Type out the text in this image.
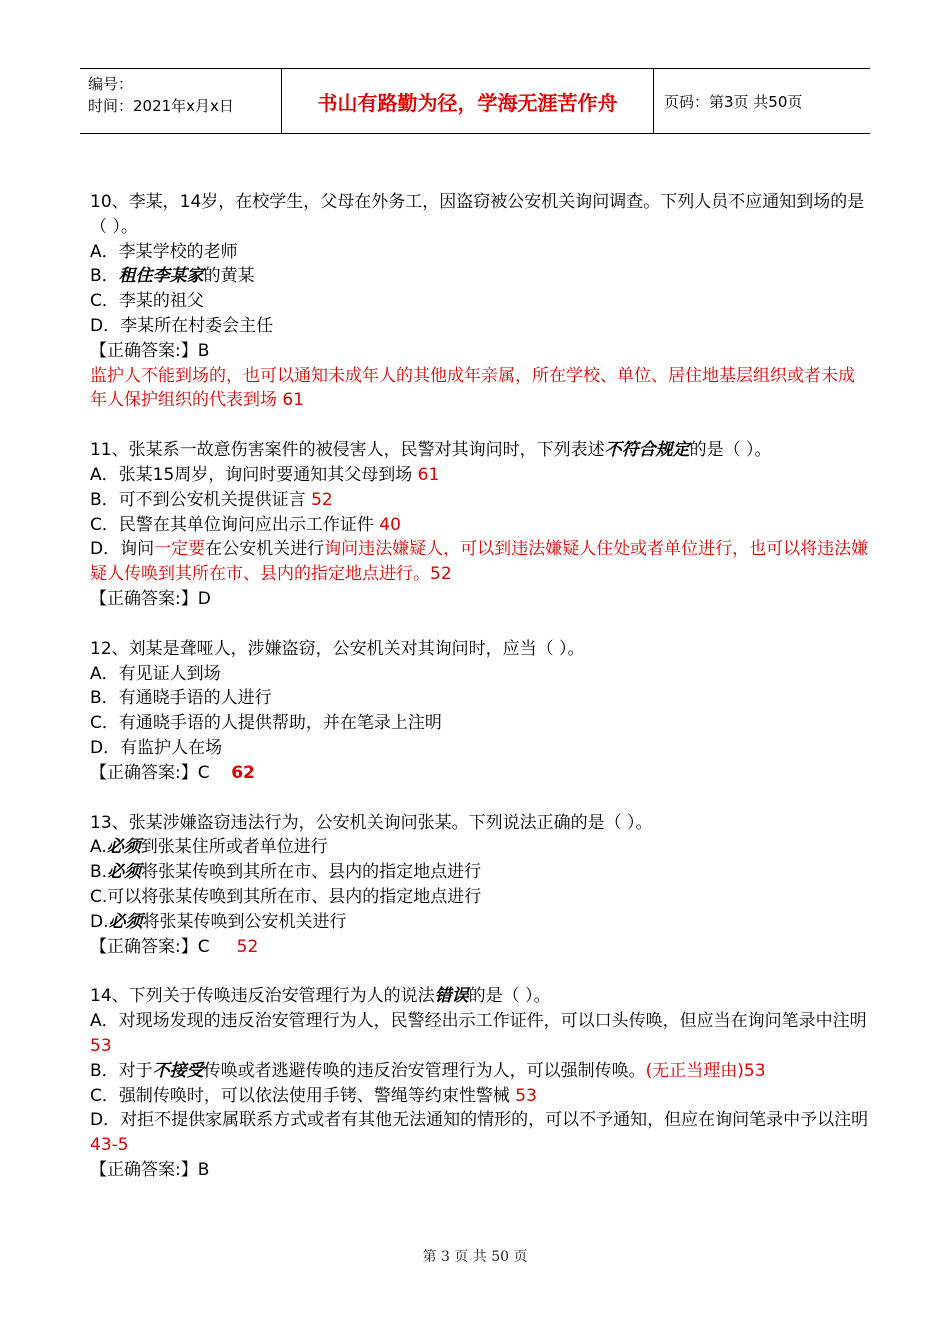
编号：
时间：2021年x月x日	书山有路勤为径，学海无涯苦作舟	页码：第3页 共50页

10、李某，14岁，在校学生，父母在外务工，因盗窃被公安机关询问调查。下列人员不应通知到场的是（ ）。

A．李某学校的老师

B．租住李某家的黄某

C．李某的祖父

D．李某所在村委会主任

【正确答案:】B

监护人不能到场的，也可以通知未成年人的其他成年亲属，所在学校、单位、居住地基层组织或者未成年人保护组织的代表到场 61

11、张某系一故意伤害案件的被侵害人，民警对其询问时，下列表述不符合规定的是（ ）。

A．张某15周岁，询问时要通知其父母到场 61

B．可不到公安机关提供证言 52

C．民警在其单位询问应出示工作证件 40

D．询问一定要在公安机关进行询问违法嫌疑人，可以到违法嫌疑人住处或者单位进行，也可以将违法嫌疑人传唤到其所在市、县内的指定地点进行。52

【正确答案:】D

12、刘某是聋哑人，涉嫌盗窃，公安机关对其询问时，应当（ ）。

A．有见证人到场

B．有通晓手语的人进行

C．有通晓手语的人提供帮助，并在笔录上注明

D．有监护人在场

【正确答案:】C    62

13、张某涉嫌盗窃违法行为，公安机关询问张某。下列说法正确的是（ ）。

A.必须到张某住所或者单位进行

B.必须将张某传唤到其所在市、县内的指定地点进行

C.可以将张某传唤到其所在市、县内的指定地点进行

D.必须将张某传唤到公安机关进行

【正确答案:】C     52

14、下列关于传唤违反治安管理行为人的说法错误的是（ ）。

A．对现场发现的违反治安管理行为人，民警经出示工作证件，可以口头传唤，但应当在询问笔录中注明53

B．对于不接受传唤或者逃避传唤的违反治安管理行为人，可以强制传唤。(无正当理由)53

C．强制传唤时，可以依法使用手铐、警绳等约束性警械 53

D．对拒不提供家属联系方式或者有其他无法通知的情形的，可以不予通知，但应在询问笔录中予以注明43-5

【正确答案:】B

第 3 页 共 50 页
